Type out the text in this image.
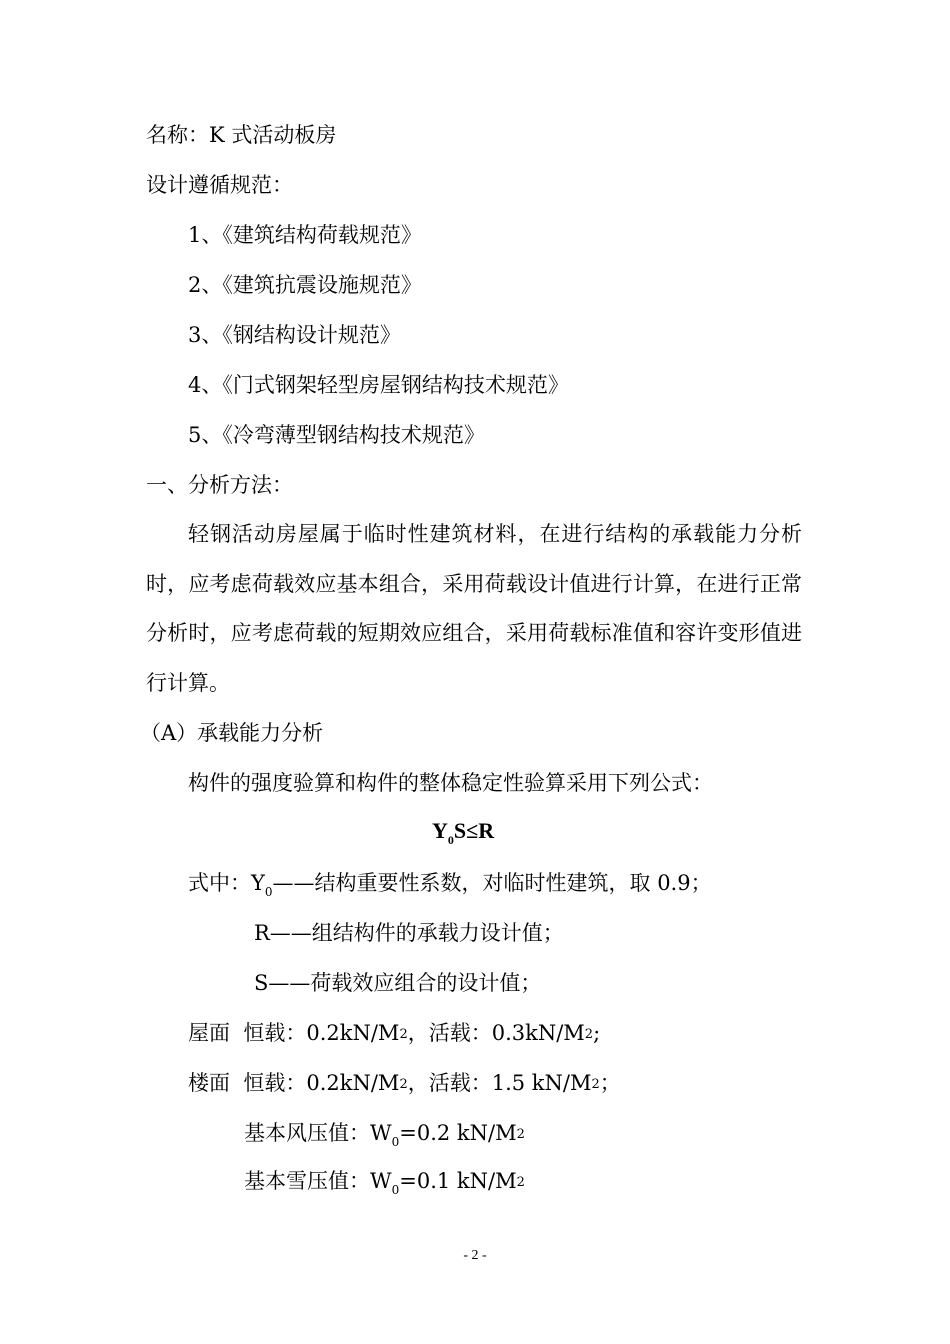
名称：K 式活动板房
设计遵循规范：
1、《建筑结构荷载规范》
2、《建筑抗震设施规范》
3、《钢结构设计规范》
4、《门式钢架轻型房屋钢结构技术规范》
5、《冷弯薄型钢结构技术规范》
一、分析方法：
轻钢活动房屋属于临时性建筑材料，在进行结构的承载能力分析时，应考虑荷载效应基本组合，采用荷载设计值进行计算，在进行正常分析时，应考虑荷载的短期效应组合，采用荷载标准值和容许变形值进行计算。
（A）承载能力分析
构件的强度验算和构件的整体稳定性验算采用下列公式：
$Y_0S\le R$
式中：$Y_0——$结构重要性系数，对临时性建筑，取 0.9；
R——组结构件的承载力设计值；
S——荷载效应组合的设计值；
屋面 恒载：0.2kN/M2，活载：0.3kN/M2;
楼面 恒载：0.2kN/M2，活载：1.5 kN/M2；
基本风压值：$W_0=0.2$ kN/M2
基本雪压值：$W_0=0.1$ kN/M2
- 2 -
